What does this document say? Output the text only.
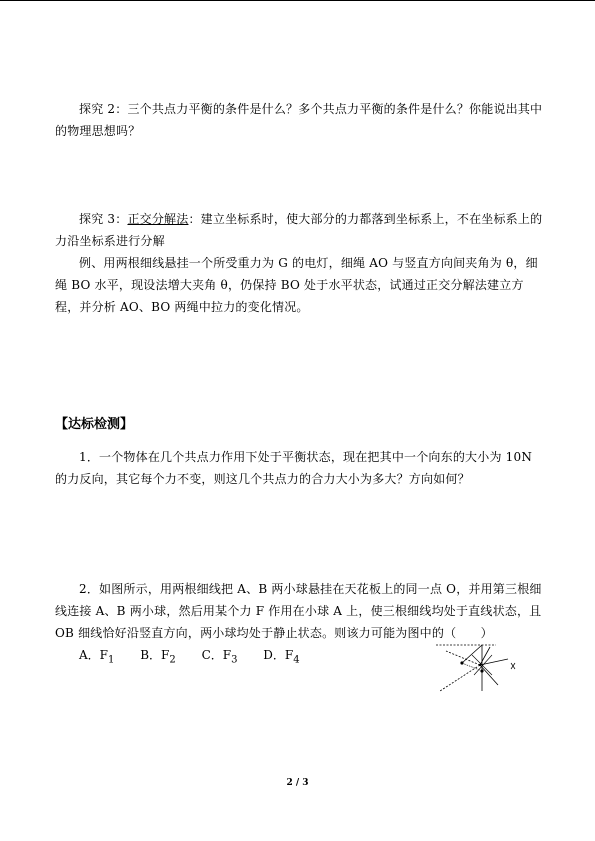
探究 2：三个共点力平衡的条件是什么？多个共点力平衡的条件是什么？你能说出其中的物理思想吗？

探究 3：正交分解法：建立坐标系时，使大部分的力都落到坐标系上，不在坐标系上的力沿坐标系进行分解

例、用两根细线悬挂一个所受重力为 G 的电灯，细绳 AO 与竖直方向间夹角为 θ，细绳 BO 水平，现设法增大夹角 θ，仍保持 BO 处于水平状态，试通过正交分解法建立方程，并分析 AO、BO 两绳中拉力的变化情况。

【达标检测】

1．一个物体在几个共点力作用下处于平衡状态，现在把其中一个向东的大小为 10N 的力反向，其它每个力不变，则这几个共点力的合力大小为多大？方向如何？

2．如图所示，用两根细线把 A、B 两小球悬挂在天花板上的同一点 O，并用第三根细线连接 A、B 两小球，然后用某个力 F 作用在小球 A 上，使三根细线均处于直线状态，且 OB 细线恰好沿竖直方向，两小球均处于静止状态。则该力可能为图中的（　　）

A．$F_1$ B．$F_2$ C．$F_3$ D．$F_4$
2 / 3
